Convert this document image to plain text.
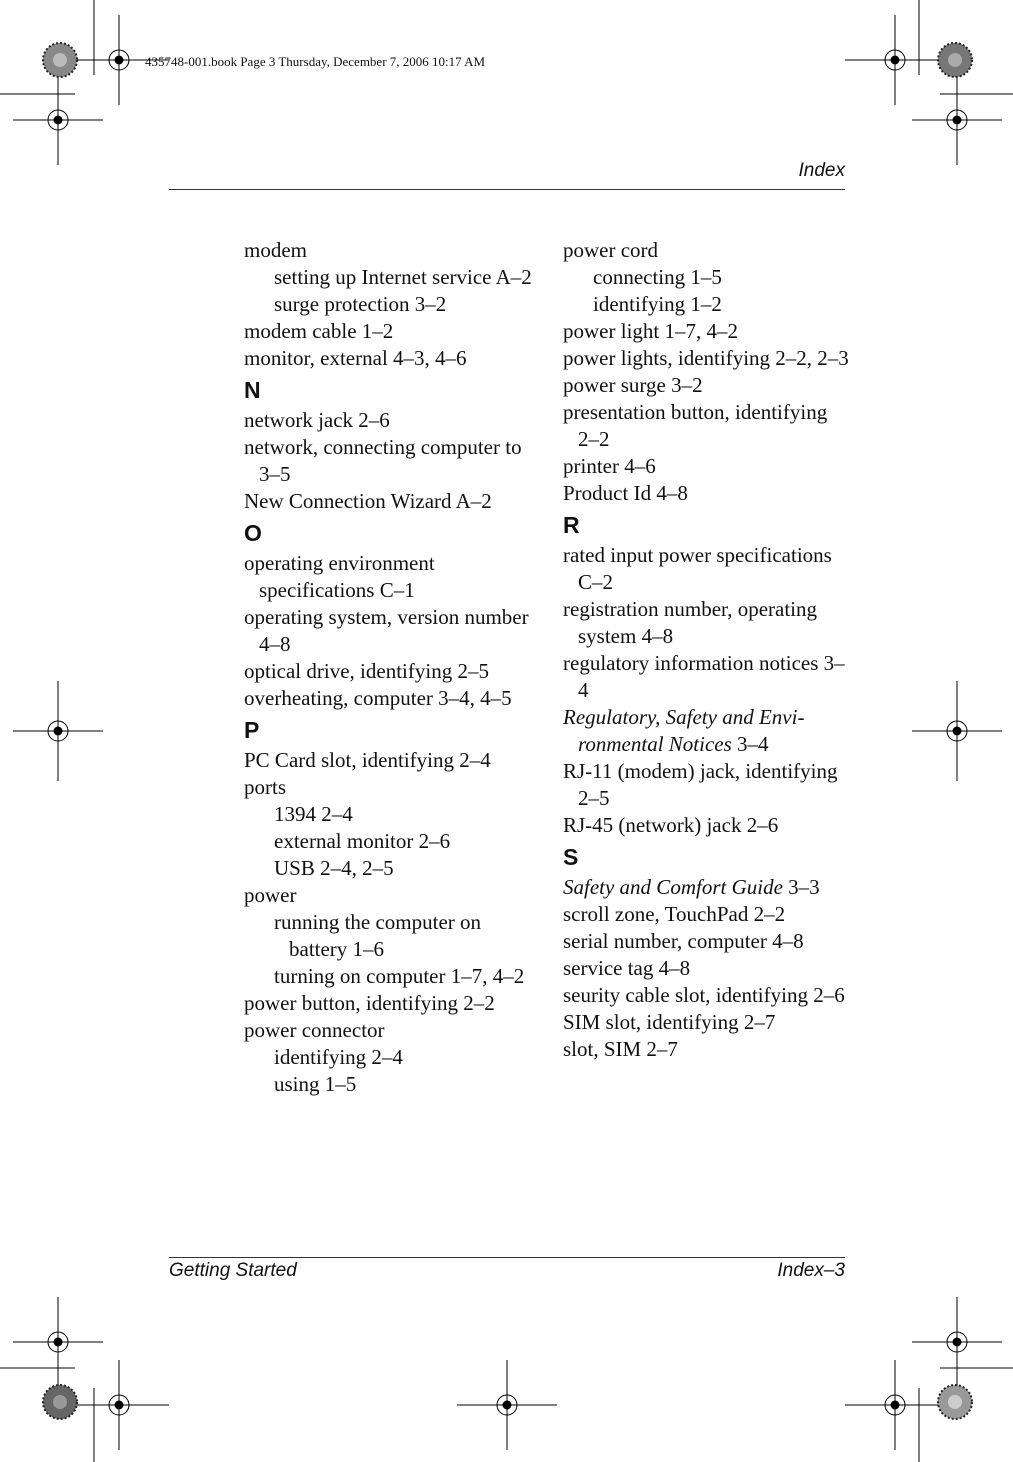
435748-001.book Page 3 Thursday, December 7, 2006 10:17 AM
Index
modem
setting up Internet service A–2
surge protection 3–2
modem cable 1–2
monitor, external 4–3, 4–6
N
network jack 2–6
network, connecting computer to 3–5
New Connection Wizard A–2
O
operating environment specifications C–1
operating system, version number 4–8
optical drive, identifying 2–5
overheating, computer 3–4, 4–5
P
PC Card slot, identifying 2–4
ports
1394 2–4
external monitor 2–6
USB 2–4, 2–5
power
running the computer on battery 1–6
turning on computer 1–7, 4–2
power button, identifying 2–2
power connector
identifying 2–4
using 1–5
power cord
connecting 1–5
identifying 1–2
power light 1–7, 4–2
power lights, identifying 2–2, 2–3
power surge 3–2
presentation button, identifying 2–2
printer 4–6
Product Id 4–8
R
rated input power specifications C–2
registration number, operating system 4–8
regulatory information notices 3–4
Regulatory, Safety and Envi-ronmental Notices 3–4
RJ-11 (modem) jack, identifying 2–5
RJ-45 (network) jack 2–6
S
Safety and Comfort Guide 3–3
scroll zone, TouchPad 2–2
serial number, computer 4–8
service tag 4–8
seurity cable slot, identifying 2–6
SIM slot, identifying 2–7
slot, SIM 2–7
Getting Started	Index–3
